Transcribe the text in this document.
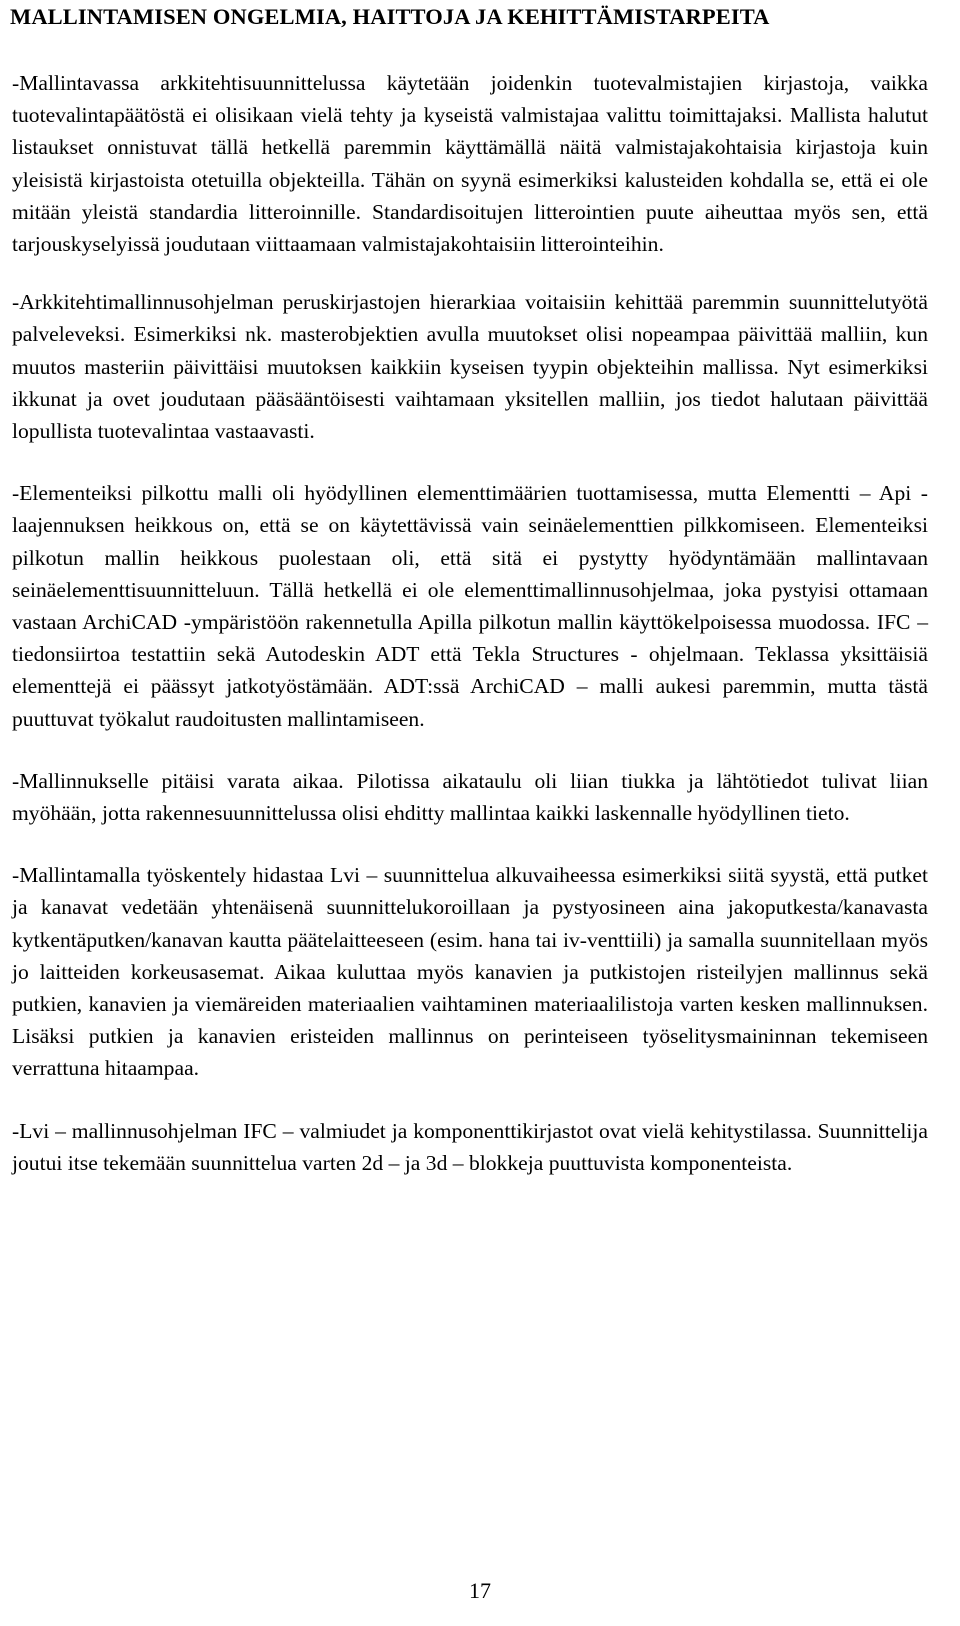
MALLINTAMISEN ONGELMIA, HAITTOJA JA KEHITTÄMISTARPEITA

-Mallintavassa arkkitehtisuunnittelussa käytetään joidenkin tuotevalmistajien kirjastoja, vaikka tuotevalintapäätöstä ei olisikaan vielä tehty ja kyseistä valmistajaa valittu toimittajaksi. Mallista halutut listaukset onnistuvat tällä hetkellä paremmin käyttämällä näitä valmistajakohtaisia kirjastoja kuin yleisistä kirjastoista otetuilla objekteilla. Tähän on syynä esimerkiksi kalusteiden kohdalla se, että ei ole mitään yleistä standardia litteroinnille. Standardisoitujen litterointien puute aiheuttaa myös sen, että tarjouskyselyissä joudutaan viittaamaan valmistajakohtaisiin litterointeihin.

-Arkkitehtimallinnusohjelman peruskirjastojen hierarkiaa voitaisiin kehittää paremmin suunnittelutyötä palveleveksi. Esimerkiksi nk. masterobjektien avulla muutokset olisi nopeampaa päivittää malliin, kun muutos masteriin päivittäisi muutoksen kaikkiin kyseisen tyypin objekteihin mallissa. Nyt esimerkiksi ikkunat ja ovet joudutaan pääsääntöisesti vaihtamaan yksitellen malliin, jos tiedot halutaan päivittää lopullista tuotevalintaa vastaavasti.

-Elementeiksi pilkottu malli oli hyödyllinen elementtimäärien tuottamisessa, mutta Elementti – Api -laajennuksen heikkous on, että se on käytettävissä vain seinäelementtien pilkkomiseen. Elementeiksi pilkotun mallin heikkous puolestaan oli, että sitä ei pystytty hyödyntämään mallintavaan seinäelementtisuunnitteluun. Tällä hetkellä ei ole elementtimallinnusohjelmaa, joka pystyisi ottamaan vastaan ArchiCAD -ympäristöön rakennetulla Apilla pilkotun mallin käyttökelpoisessa muodossa. IFC – tiedonsiirtoa testattiin sekä Autodeskin ADT että Tekla Structures - ohjelmaan. Teklassa yksittäisiä elementtejä ei päässyt jatkotyöstämään. ADT:ssä ArchiCAD – malli aukesi paremmin, mutta tästä puuttuvat työkalut raudoitusten mallintamiseen.

-Mallinnukselle pitäisi varata aikaa. Pilotissa aikataulu oli liian tiukka ja lähtötiedot tulivat liian myöhään, jotta rakennesuunnittelussa olisi ehditty mallintaa kaikki laskennalle hyödyllinen tieto.

-Mallintamalla työskentely hidastaa Lvi – suunnittelua alkuvaiheessa esimerkiksi siitä syystä, että putket ja kanavat vedetään yhtenäisenä suunnittelukoroillaan ja pystyosineen aina jakoputkesta/kanavasta kytkentäputken/kanavan kautta päätelaitteeseen (esim. hana tai iv-venttiili) ja samalla suunnitellaan myös jo laitteiden korkeusasemat. Aikaa kuluttaa myös kanavien ja putkistojen risteilyjen mallinnus sekä putkien, kanavien ja viemäreiden materiaalien vaihtaminen materiaalilistoja varten kesken mallinnuksen. Lisäksi putkien ja kanavien eristeiden mallinnus on perinteiseen työselitysmaininnan tekemiseen verrattuna hitaampaa.

-Lvi – mallinnusohjelman IFC – valmiudet ja komponenttikirjastot ovat vielä kehitystilassa. Suunnittelija joutui itse tekemään suunnittelua varten 2d – ja 3d – blokkeja puuttuvista komponenteista.

17
